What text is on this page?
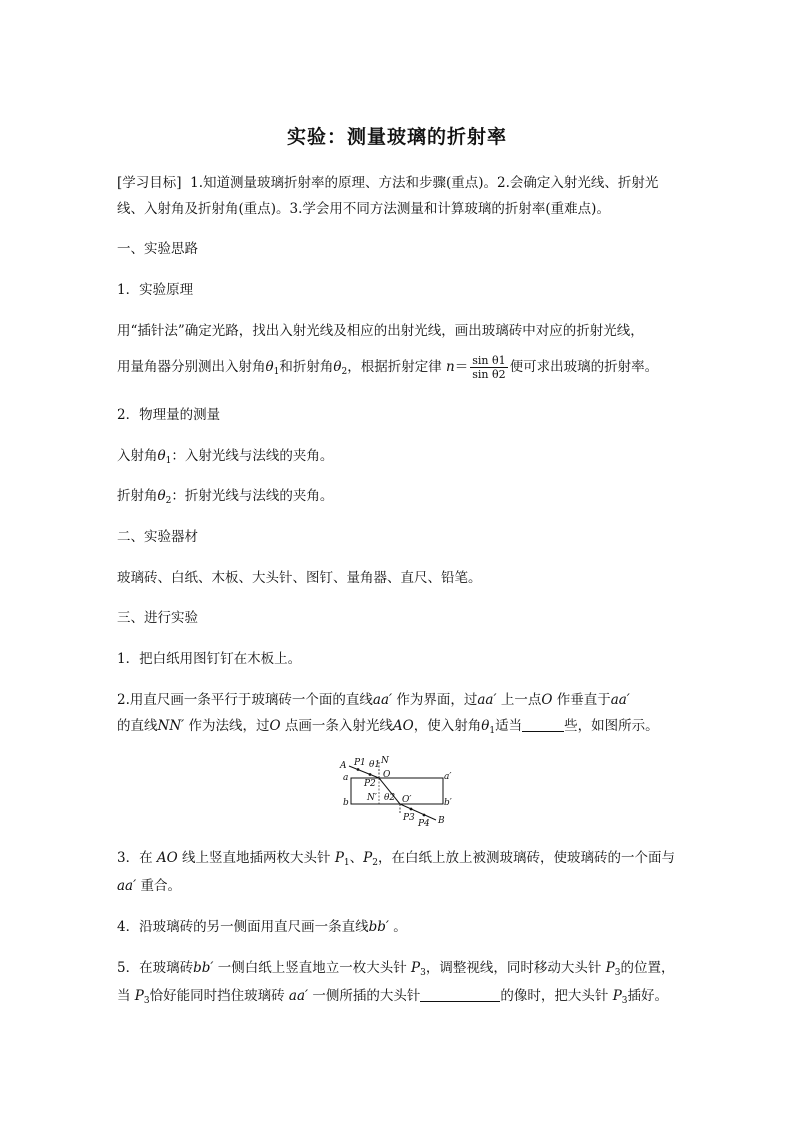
实验：测量玻璃的折射率

[学习目标] 1.知道测量玻璃折射率的原理、方法和步骤(重点)。2.会确定入射光线、折射光

线、入射角及折射角(重点)。3.学会用不同方法测量和计算玻璃的折射率(重难点)。

一、实验思路

1．实验原理

用“插针法”确定光路，找出入射光线及相应的出射光线，画出玻璃砖中对应的折射光线，

用量角器分别测出入射角$\theta_1$和折射角$\theta_2$，根据折射定律 $n= \frac{\text{sin θ1}}{\text{sin θ2}}$ 便可求出玻璃的折射率。

2．物理量的测量

入射角$\theta_1$：入射光线与法线的夹角。

折射角$\theta_2$：折射光线与法线的夹角。

二、实验器材

玻璃砖、白纸、木板、大头针、图钉、量角器、直尺、铅笔。

三、进行实验

1．把白纸用图钉钉在木板上。

2.用直尺画一条平行于玻璃砖一个面的直线aa′ 作为界面，过aa′ 上一点O 作垂直于aa′

的直线NN′ 作为法线，过O 点画一条入射光线AO，使入射角$\theta_1$适当	些，如图所示。

A P1 N
θ1
O
a	a′
P2
b N′ θ2 O′	b′
P3
P4 B

3．在 AO 线上竖直地插两枚大头针 $P_1$、$P_2$，在白纸上放上被测玻璃砖，使玻璃砖的一个面与

aa′ 重合。

4．沿玻璃砖的另一侧面用直尺画一条直线bb′ 。

5．在玻璃砖bb′ 一侧白纸上竖直地立一枚大头针 $P_3$，调整视线，同时移动大头针 $P_3$的位置，

当 $P_3$恰好能同时挡住玻璃砖 aa′ 一侧所插的大头针	的像时，把大头针 $P_3$插好。
